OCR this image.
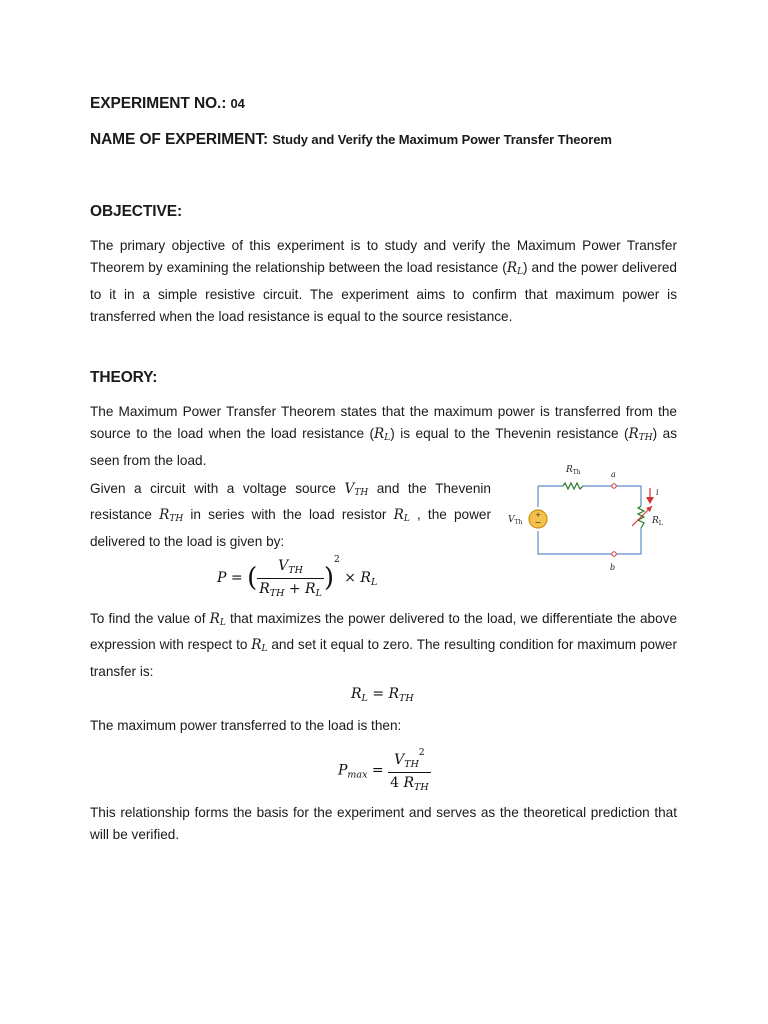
EXPERIMENT NO.: 04
NAME OF EXPERIMENT: Study and Verify the Maximum Power Transfer Theorem
OBJECTIVE:
The primary objective of this experiment is to study and verify the Maximum Power Transfer Theorem by examining the relationship between the load resistance $(R_L)$ and the power delivered to it in a simple resistive circuit. The experiment aims to confirm that maximum power is transferred when the load resistance is equal to the source resistance.
THEORY:
The Maximum Power Transfer Theorem states that the maximum power is transferred from the source to the load when the load resistance $(R_L)$ is equal to the Thevenin resistance $(R_{TH})$ as seen from the load.
Given a circuit with a voltage source $V_{TH}$ and the Thevenin resistance $R_{TH}$ in series with the load resistor $R_L$ , the power delivered to the load is given by:
+
−
$R_{Th}$	a
i
$R_L$
$V_{Th}$
b
P = ( $\frac{V_{TH}}{R_{TH} + R_L} )^2 \times R_L$
To find the value of $R_L$ that maximizes the power delivered to the load, we differentiate the above expression with respect to $R_L$ and set it equal to zero. The resulting condition for maximum power transfer is:
$R_L = R_{TH}$
The maximum power transferred to the load is then:
$P_{max} = \frac{V_{TH}^2}{4 R_{TH}}$
This relationship forms the basis for the experiment and serves as the theoretical prediction that will be verified.
